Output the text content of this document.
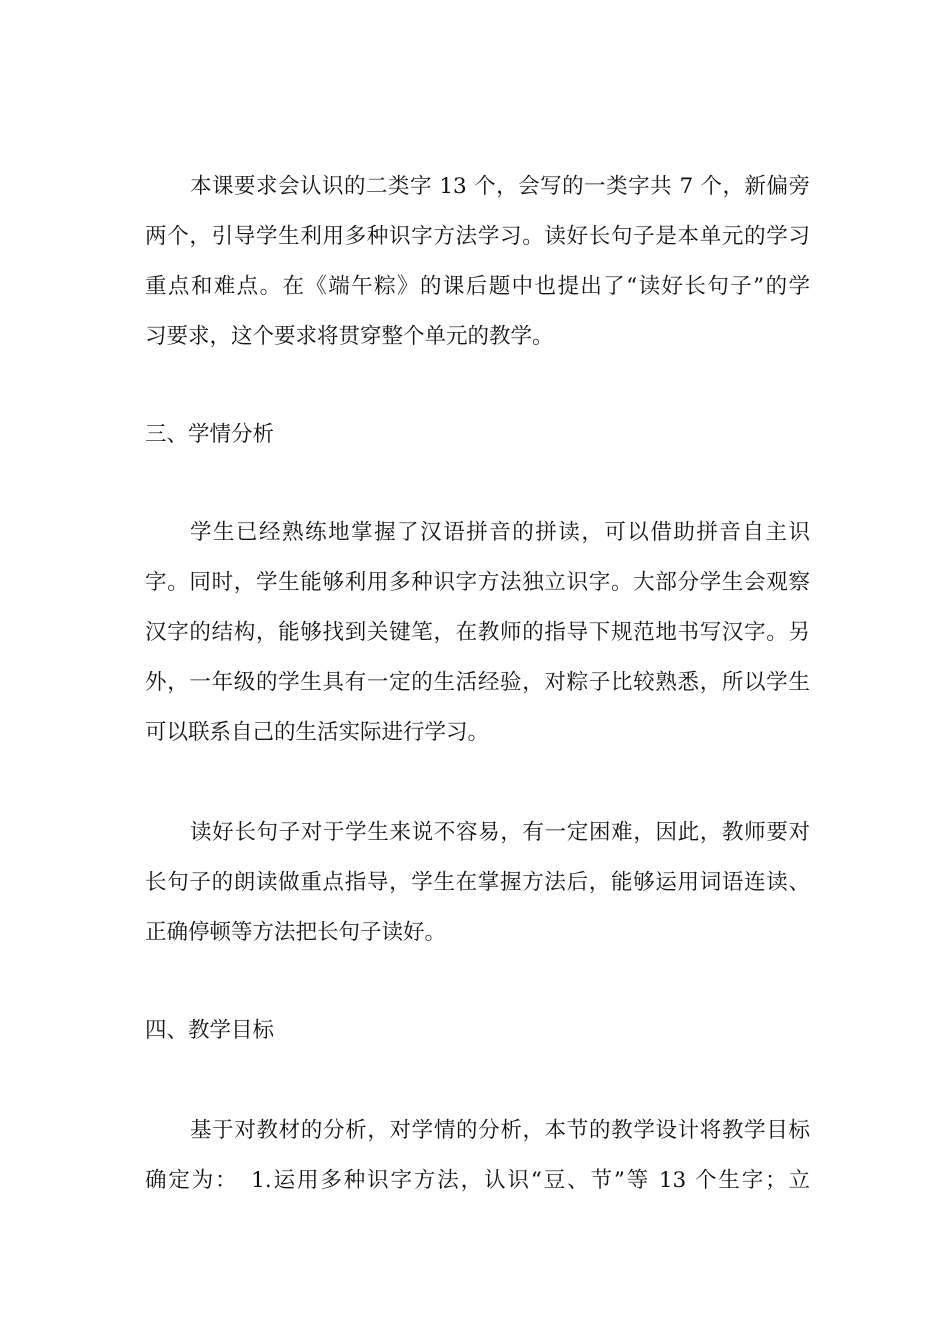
本课要求会认识的二类字 13 个，会写的一类字共 7 个，新偏旁
两个，引导学生利用多种识字方法学习。读好长句子是本单元的学习
重点和难点。在《端午粽》的课后题中也提出了“读好长句子”的学
习要求，这个要求将贯穿整个单元的教学。
三、学情分析
学生已经熟练地掌握了汉语拼音的拼读，可以借助拼音自主识
字。同时，学生能够利用多种识字方法独立识字。大部分学生会观察
汉字的结构，能够找到关键笔，在教师的指导下规范地书写汉字。另
外，一年级的学生具有一定的生活经验，对粽子比较熟悉，所以学生
可以联系自己的生活实际进行学习。
读好长句子对于学生来说不容易，有一定困难，因此，教师要对
长句子的朗读做重点指导，学生在掌握方法后，能够运用词语连读、
正确停顿等方法把长句子读好。
四、教学目标
基于对教材的分析，对学情的分析，本节的教学设计将教学目标
确定为：　1.运用多种识字方法，认识“豆、节”等 13 个生字；立
